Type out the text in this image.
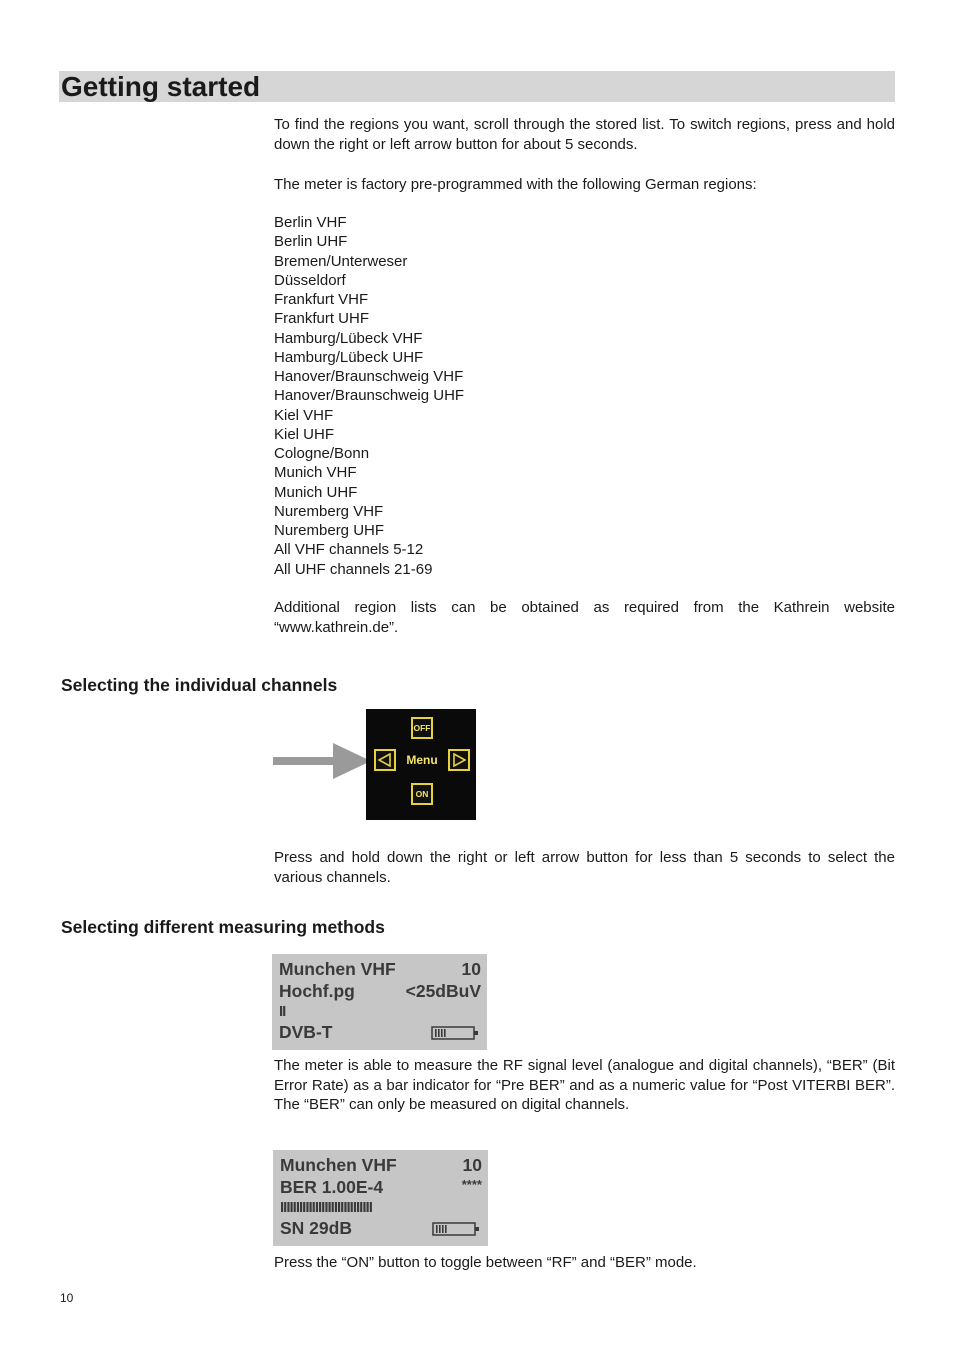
Getting started

To find the regions you want, scroll through the stored list. To switch regions, press and hold down the right or left arrow button for about 5 seconds.

The meter is factory pre-programmed with the following German regions:

Berlin VHF
Berlin UHF
Bremen/Unterweser
Düsseldorf
Frankfurt VHF
Frankfurt UHF
Hamburg/Lübeck VHF
Hamburg/Lübeck UHF
Hanover/Braunschweig VHF
Hanover/Braunschweig UHF
Kiel VHF
Kiel UHF
Cologne/Bonn
Munich VHF
Munich UHF
Nuremberg VHF
Nuremberg UHF
All VHF channels 5-12
All UHF channels 21-69

Additional region lists can be obtained as required from the Kathrein website “www.kathrein.de”.

Selecting the individual channels
OFF
Menu
ON

Press and hold down the right or left arrow button for less than 5 seconds to select the various channels.

Selecting different measuring methods
Munchen VHF	10
Hochf.pg	<25dBuV
II
DVB-T

The meter is able to measure the RF signal level (analogue and digital channels), “BER” (Bit Error Rate) as a bar indicator for “Pre BER” and as a numeric value for “Post VITERBI BER”. The “BER” can only be measured on digital channels.

Munchen VHF	10
BER 1.00E-4	****
IIIIIIIIIIIIIIIIIIIIIIIIIIIII
SN 29dB

Press the “ON” button to toggle between “RF” and “BER” mode.

10
